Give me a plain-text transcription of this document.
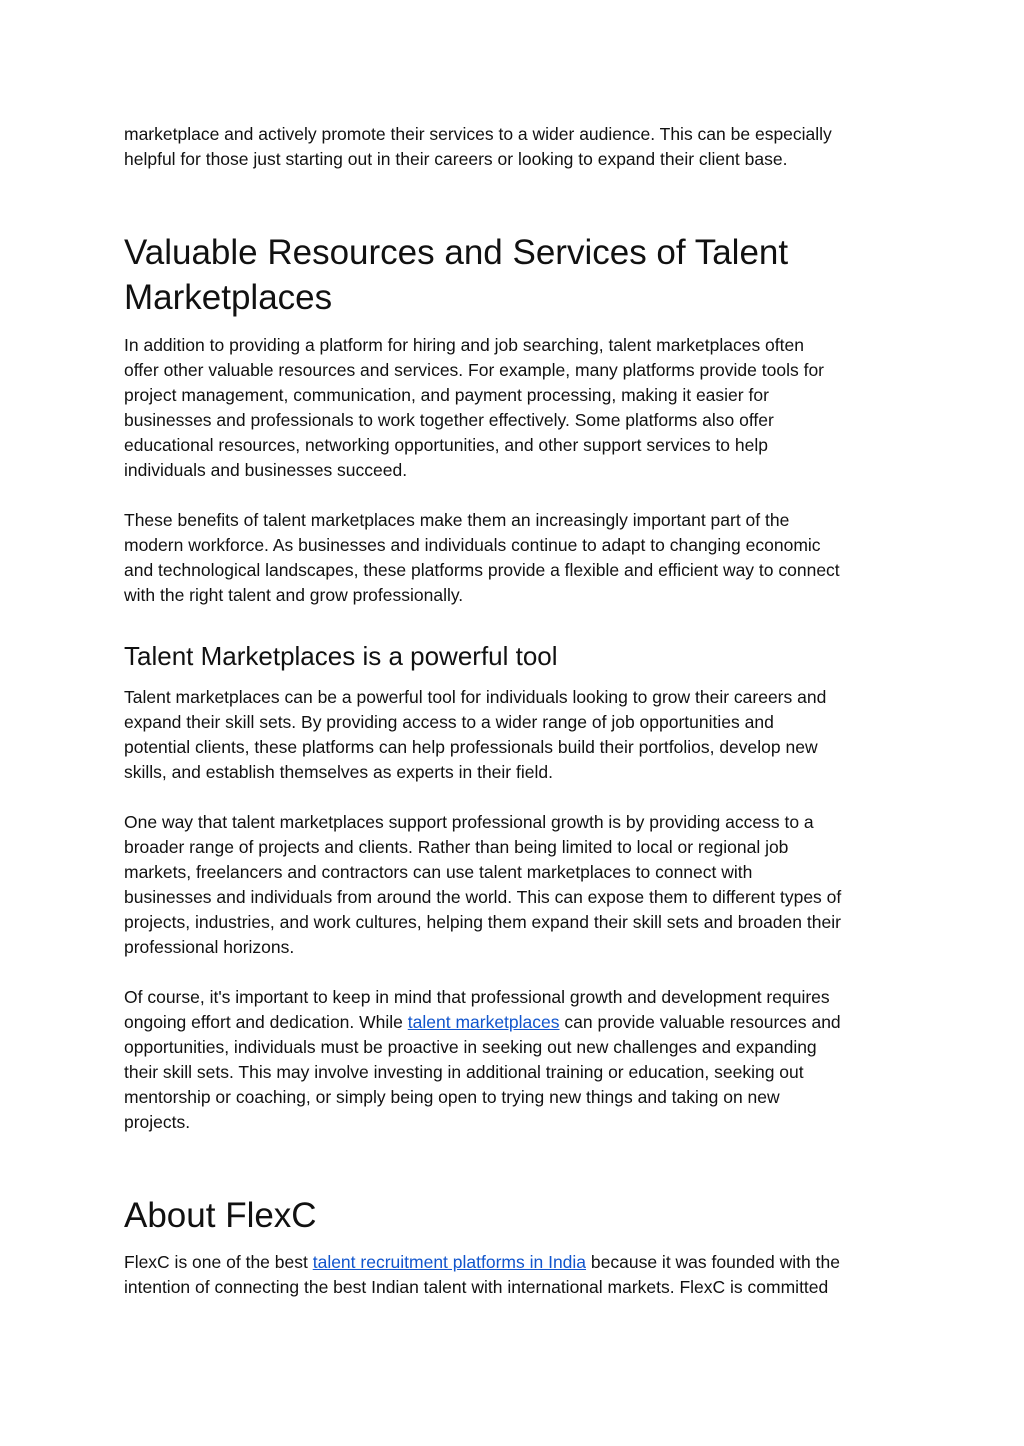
marketplace and actively promote their services to a wider audience. This can be especially
helpful for those just starting out in their careers or looking to expand their client base.

Valuable Resources and Services of Talent
Marketplaces

In addition to providing a platform for hiring and job searching, talent marketplaces often
offer other valuable resources and services. For example, many platforms provide tools for
project management, communication, and payment processing, making it easier for
businesses and professionals to work together effectively. Some platforms also offer
educational resources, networking opportunities, and other support services to help
individuals and businesses succeed.

These benefits of talent marketplaces make them an increasingly important part of the
modern workforce. As businesses and individuals continue to adapt to changing economic
and technological landscapes, these platforms provide a flexible and efficient way to connect
with the right talent and grow professionally.

Talent Marketplaces is a powerful tool

Talent marketplaces can be a powerful tool for individuals looking to grow their careers and
expand their skill sets. By providing access to a wider range of job opportunities and
potential clients, these platforms can help professionals build their portfolios, develop new
skills, and establish themselves as experts in their field.

One way that talent marketplaces support professional growth is by providing access to a
broader range of projects and clients. Rather than being limited to local or regional job
markets, freelancers and contractors can use talent marketplaces to connect with
businesses and individuals from around the world. This can expose them to different types of
projects, industries, and work cultures, helping them expand their skill sets and broaden their
professional horizons.

Of course, it's important to keep in mind that professional growth and development requires
ongoing effort and dedication. While talent marketplaces can provide valuable resources and
opportunities, individuals must be proactive in seeking out new challenges and expanding
their skill sets. This may involve investing in additional training or education, seeking out
mentorship or coaching, or simply being open to trying new things and taking on new
projects.

About FlexC

FlexC is one of the best talent recruitment platforms in India because it was founded with the
intention of connecting the best Indian talent with international markets. FlexC is committed
